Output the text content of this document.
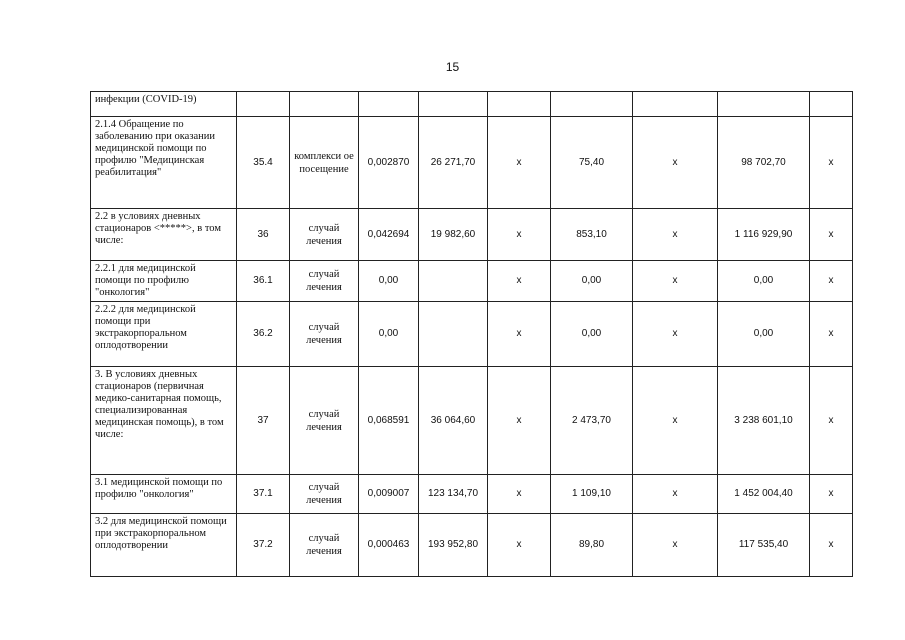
15
инфекции (COVID-19)									
2.1.4 Обращение по заболеванию при оказании медицинской помощи по профилю "Медицинская реабилитация"	35.4	комплекси ое посещение	0,002870	26 271,70	х	75,40	х	98 702,70	х
2.2 в условиях дневных стационаров <*****>, в том числе:	36	случай лечения	0,042694	19 982,60	х	853,10	х	1 116 929,90	х
2.2.1 для медицинской помощи по профилю "онкология"	36.1	случай лечения	0,00		х	0,00	х	0,00	х
2.2.2 для медицинской помощи при экстракорпоральном оплодотворении	36.2	случай лечения	0,00		х	0,00	х	0,00	х
3. В условиях дневных стационаров (первичная медико-санитарная помощь, специализированная медицинская помощь), в том числе:	37	случай лечения	0,068591	36 064,60	х	2 473,70	х	3 238 601,10	х
3.1 медицинской помощи по профилю "онкология"	37.1	случай лечения	0,009007	123 134,70	х	1 109,10	х	1 452 004,40	х
3.2 для медицинской помощи при экстракорпоральном оплодотворении	37.2	случай лечения	0,000463	193 952,80	х	89,80	х	117 535,40	х
